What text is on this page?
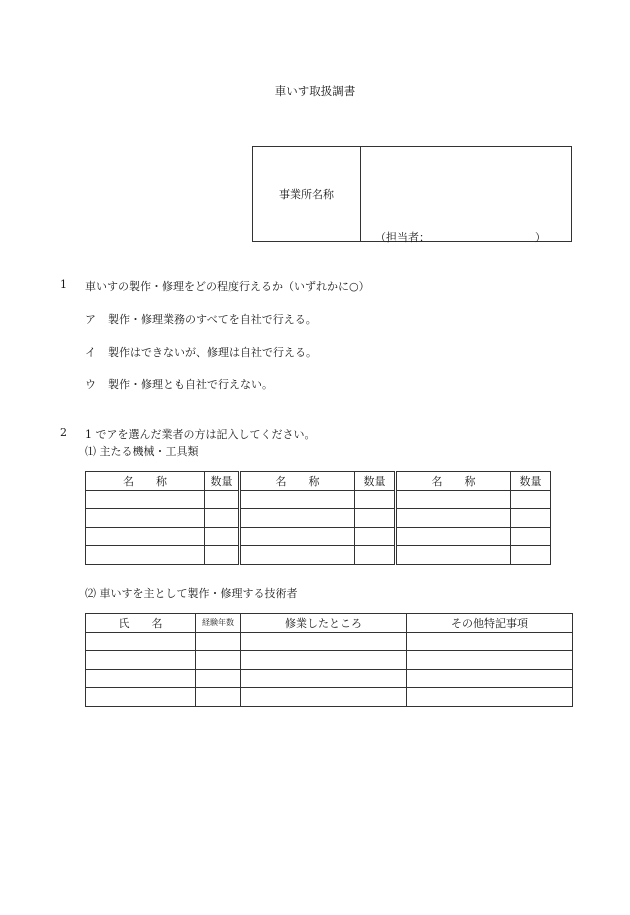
車いす取扱調書
事業所名称
（担当者：	）
1 車いすの製作・修理をどの程度行えるか（いずれかに○）
ア 製作・修理業務のすべてを自社で行える。
イ 製作はできないが、修理は自社で行える。
ウ 製作・修理とも自社で行えない。
2 1 でアを選んだ業者の方は記入してください。
⑴ 主たる機械・工具類
名　　称	数量		名　　称	数量		名　　称	数量

⑵ 車いすを主として製作・修理する技術者
氏　　名	経験年数	修業したところ	その他特記事項
